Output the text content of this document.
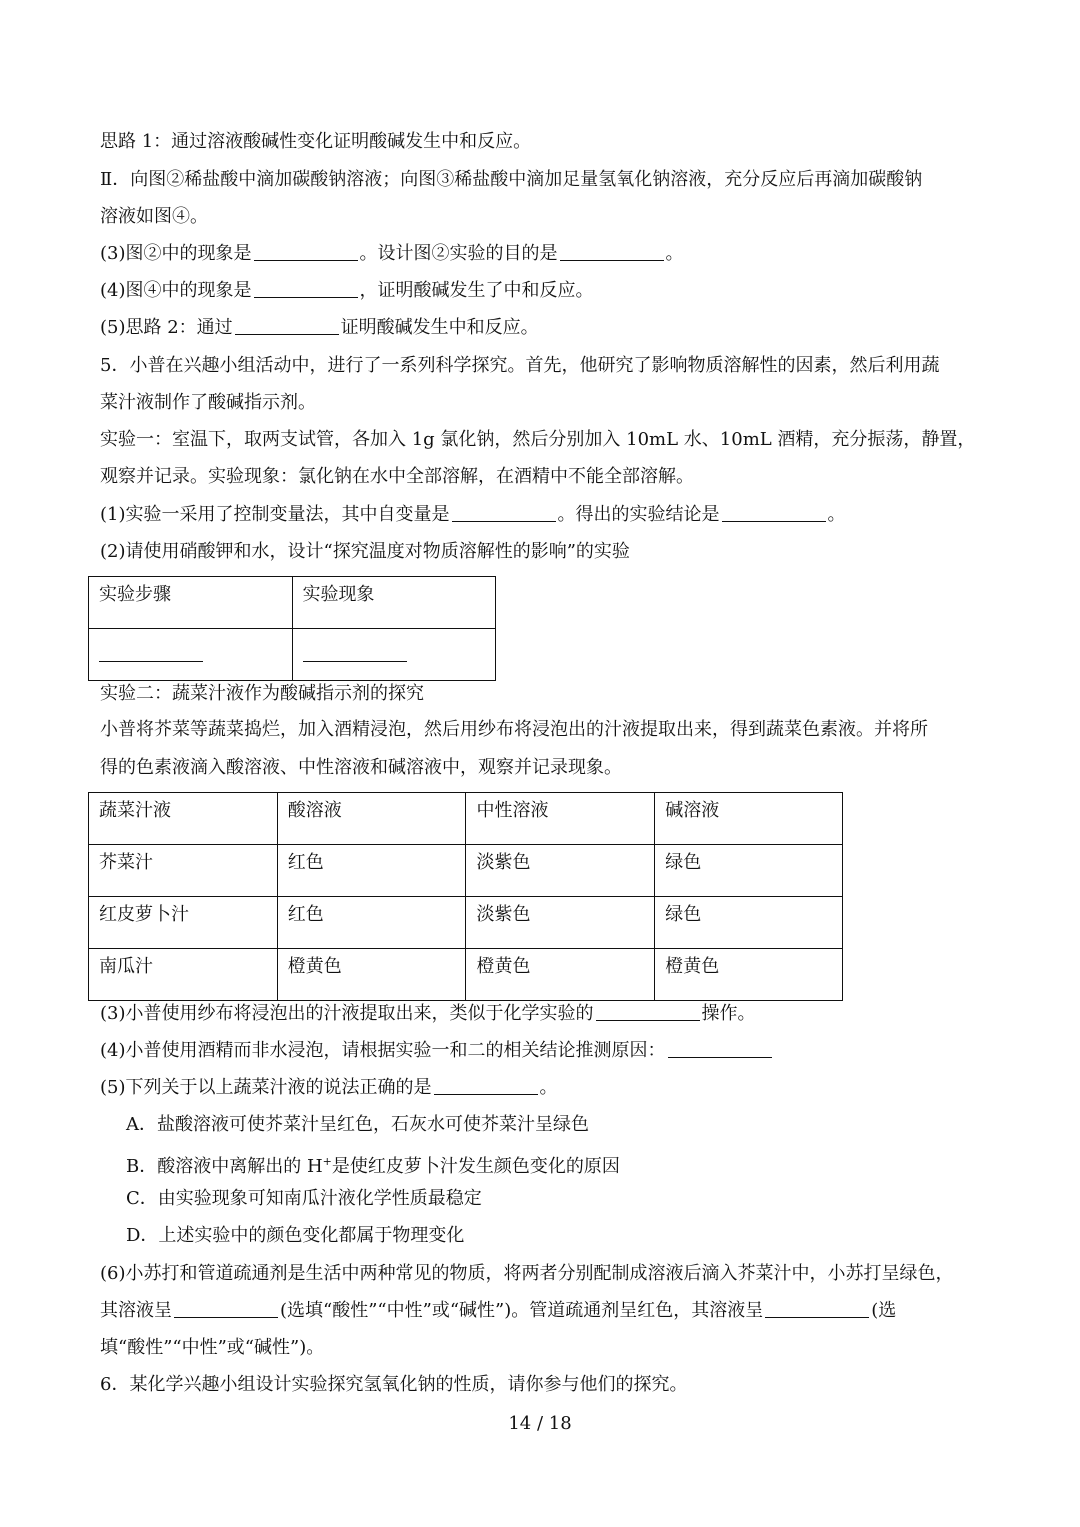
思路 1：通过溶液酸碱性变化证明酸碱发生中和反应。
Ⅱ．向图②稀盐酸中滴加碳酸钠溶液；向图③稀盐酸中滴加足量氢氧化钠溶液，充分反应后再滴加碳酸钠
溶液如图④。
(3)图②中的现象是	。设计图②实验的目的是	。
(4)图④中的现象是	，证明酸碱发生了中和反应。
(5)思路 2：通过	证明酸碱发生中和反应。
5．小普在兴趣小组活动中，进行了一系列科学探究。首先，他研究了影响物质溶解性的因素，然后利用蔬
菜汁液制作了酸碱指示剂。
实验一：室温下，取两支试管，各加入 1g 氯化钠，然后分别加入 10mL 水、10mL 酒精，充分振荡，静置，
观察并记录。实验现象：氯化钠在水中全部溶解，在酒精中不能全部溶解。
(1)实验一采用了控制变量法，其中自变量是	。得出的实验结论是	。
(2)请使用硝酸钾和水，设计“探究温度对物质溶解性的影响”的实验
实验步骤	实验现象

实验二：蔬菜汁液作为酸碱指示剂的探究
小普将芥菜等蔬菜捣烂，加入酒精浸泡，然后用纱布将浸泡出的汁液提取出来，得到蔬菜色素液。并将所
得的色素液滴入酸溶液、中性溶液和碱溶液中，观察并记录现象。
蔬菜汁液	酸溶液	中性溶液	碱溶液
芥菜汁	红色	淡紫色	绿色
红皮萝卜汁	红色	淡紫色	绿色
南瓜汁	橙黄色	橙黄色	橙黄色
(3)小普使用纱布将浸泡出的汁液提取出来，类似于化学实验的	操作。
(4)小普使用酒精而非水浸泡，请根据实验一和二的相关结论推测原因：
(5)下列关于以上蔬菜汁液的说法正确的是	。
A．盐酸溶液可使芥菜汁呈红色，石灰水可使芥菜汁呈绿色
B．酸溶液中离解出的 H+是使红皮萝卜汁发生颜色变化的原因
C．由实验现象可知南瓜汁液化学性质最稳定
D．上述实验中的颜色变化都属于物理变化
(6)小苏打和管道疏通剂是生活中两种常见的物质，将两者分别配制成溶液后滴入芥菜汁中，小苏打呈绿色，
其溶液呈	(选填“酸性”“中性”或“碱性”)。管道疏通剂呈红色，其溶液呈	(选
填“酸性”“中性”或“碱性”)。
6．某化学兴趣小组设计实验探究氢氧化钠的性质，请你参与他们的探究。
14 / 18
